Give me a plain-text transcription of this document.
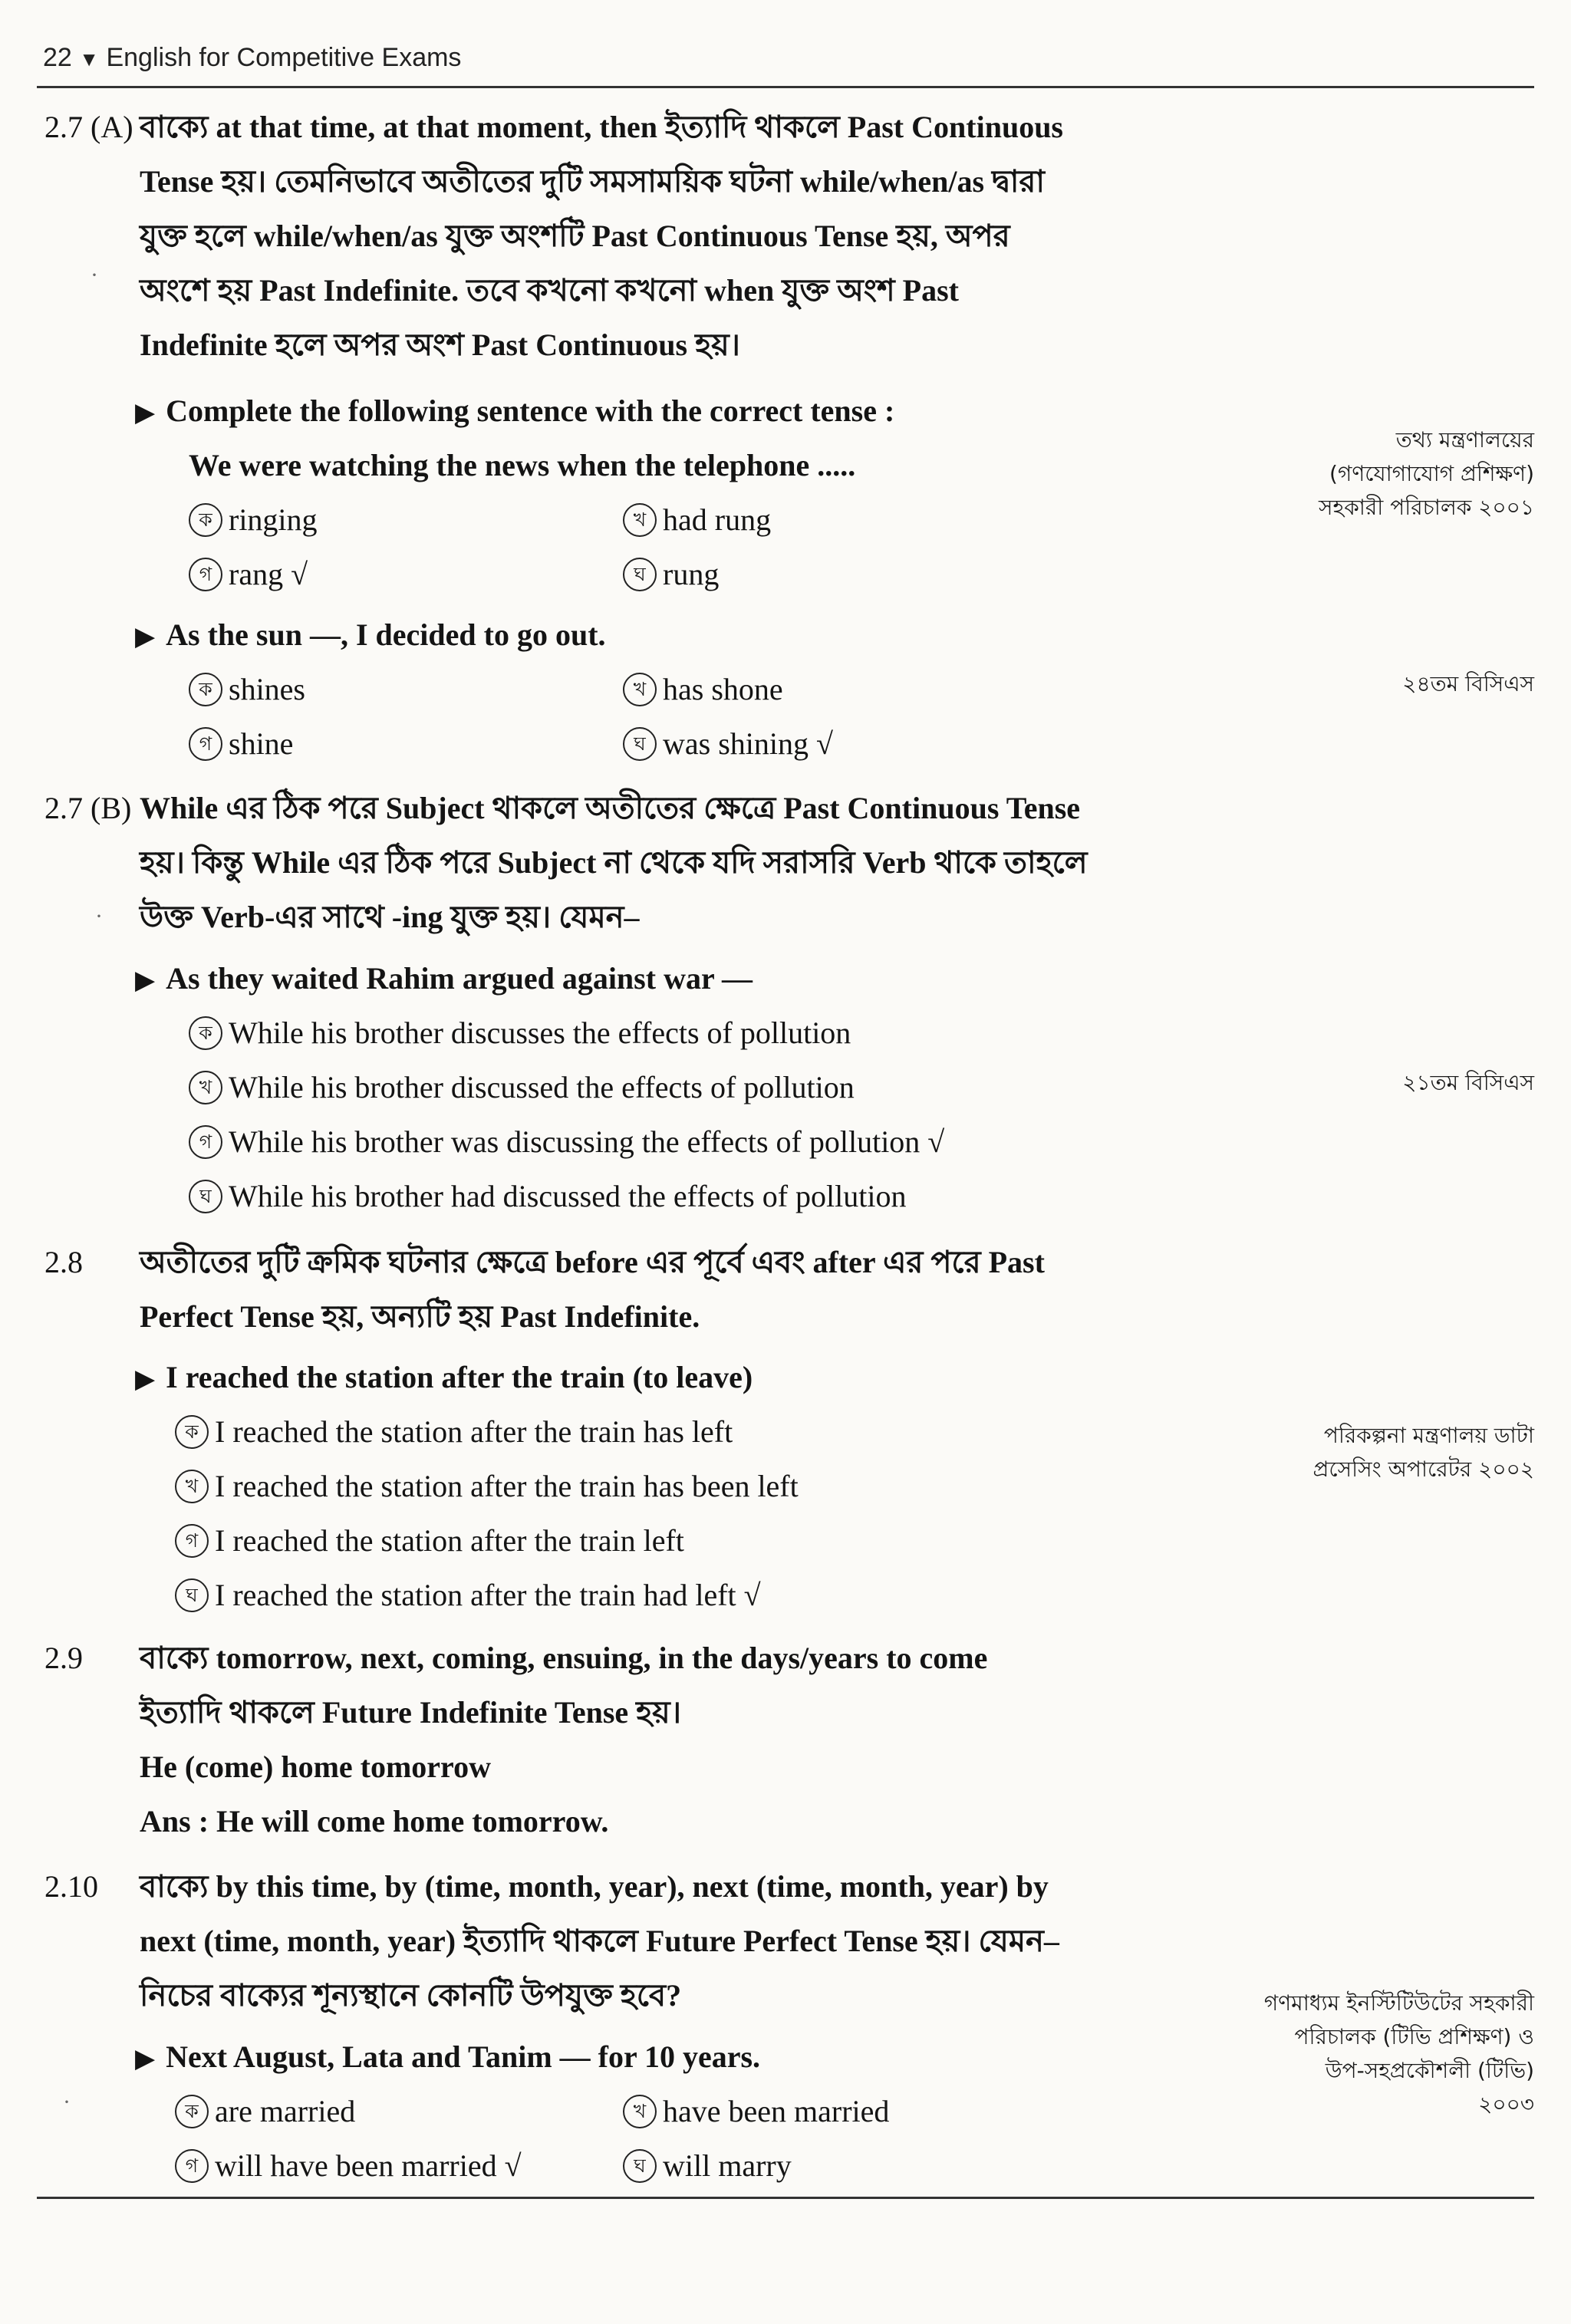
22 ▼ English for Competitive Exams
2.7 (A) বাক্যে at that time, at that moment, then ইত্যাদি থাকলে Past Continuous
Tense হয়। তেমনিভাবে অতীতের দুটি সমসাময়িক ঘটনা while/when/as দ্বারা
যুক্ত হলে while/when/as যুক্ত অংশটি Past Continuous Tense হয়, অপর
অংশে হয় Past Indefinite. তবে কখনো কখনো when যুক্ত অংশ Past
Indefinite হলে অপর অংশ Past Continuous হয়।
·
▶ Complete the following sentence with the correct tense :
We were watching the news when the telephone .....
ক ringing	খ had rung
গ rang √	ঘ rung
তথ্য মন্ত্রণালয়ের
(গণযোগাযোগ প্রশিক্ষণ)
সহকারী পরিচালক ২০০১
▶ As the sun —, I decided to go out.
ক shines	খ has shone
গ shine	ঘ was shining √
২৪তম বিসিএস
2.7 (B) While এর ঠিক পরে Subject থাকলে অতীতের ক্ষেত্রে Past Continuous Tense
হয়। কিন্তু While এর ঠিক পরে Subject না থেকে যদি সরাসরি Verb থাকে তাহলে
উক্ত Verb-এর সাথে -ing যুক্ত হয়। যেমন–
▶ As they waited Rahim argued against war —
ক While his brother discusses the effects of pollution
খ While his brother discussed the effects of pollution
গ While his brother was discussing the effects of pollution √
ঘ While his brother had discussed the effects of pollution
২১তম বিসিএস
2.8 অতীতের দুটি ক্রমিক ঘটনার ক্ষেত্রে before এর পূর্বে এবং after এর পরে Past
Perfect Tense হয়, অন্যটি হয় Past Indefinite.
▶ I reached the station after the train (to leave)
ক I reached the station after the train has left
খ I reached the station after the train has been left
গ I reached the station after the train left
ঘ I reached the station after the train had left √
পরিকল্পনা মন্ত্রণালয় ডাটা
প্রসেসিং অপারেটর ২০০২
2.9 বাক্যে tomorrow, next, coming, ensuing, in the days/years to come
ইত্যাদি থাকলে Future Indefinite Tense হয়।
He (come) home tomorrow
Ans : He will come home tomorrow.
2.10 বাক্যে by this time, by (time, month, year), next (time, month, year) by
next (time, month, year) ইত্যাদি থাকলে Future Perfect Tense হয়। যেমন–
নিচের বাক্যের শূন্যস্থানে কোনটি উপযুক্ত হবে?
▶ Next August, Lata and Tanim — for 10 years.
ক are married	খ have been married
গ will have been married √	ঘ will marry
গণমাধ্যম ইনস্টিটিউটের সহকারী
পরিচালক (টিভি প্রশিক্ষণ) ও
উপ-সহপ্রকৌশলী (টিভি)
২০০৩
·
·
